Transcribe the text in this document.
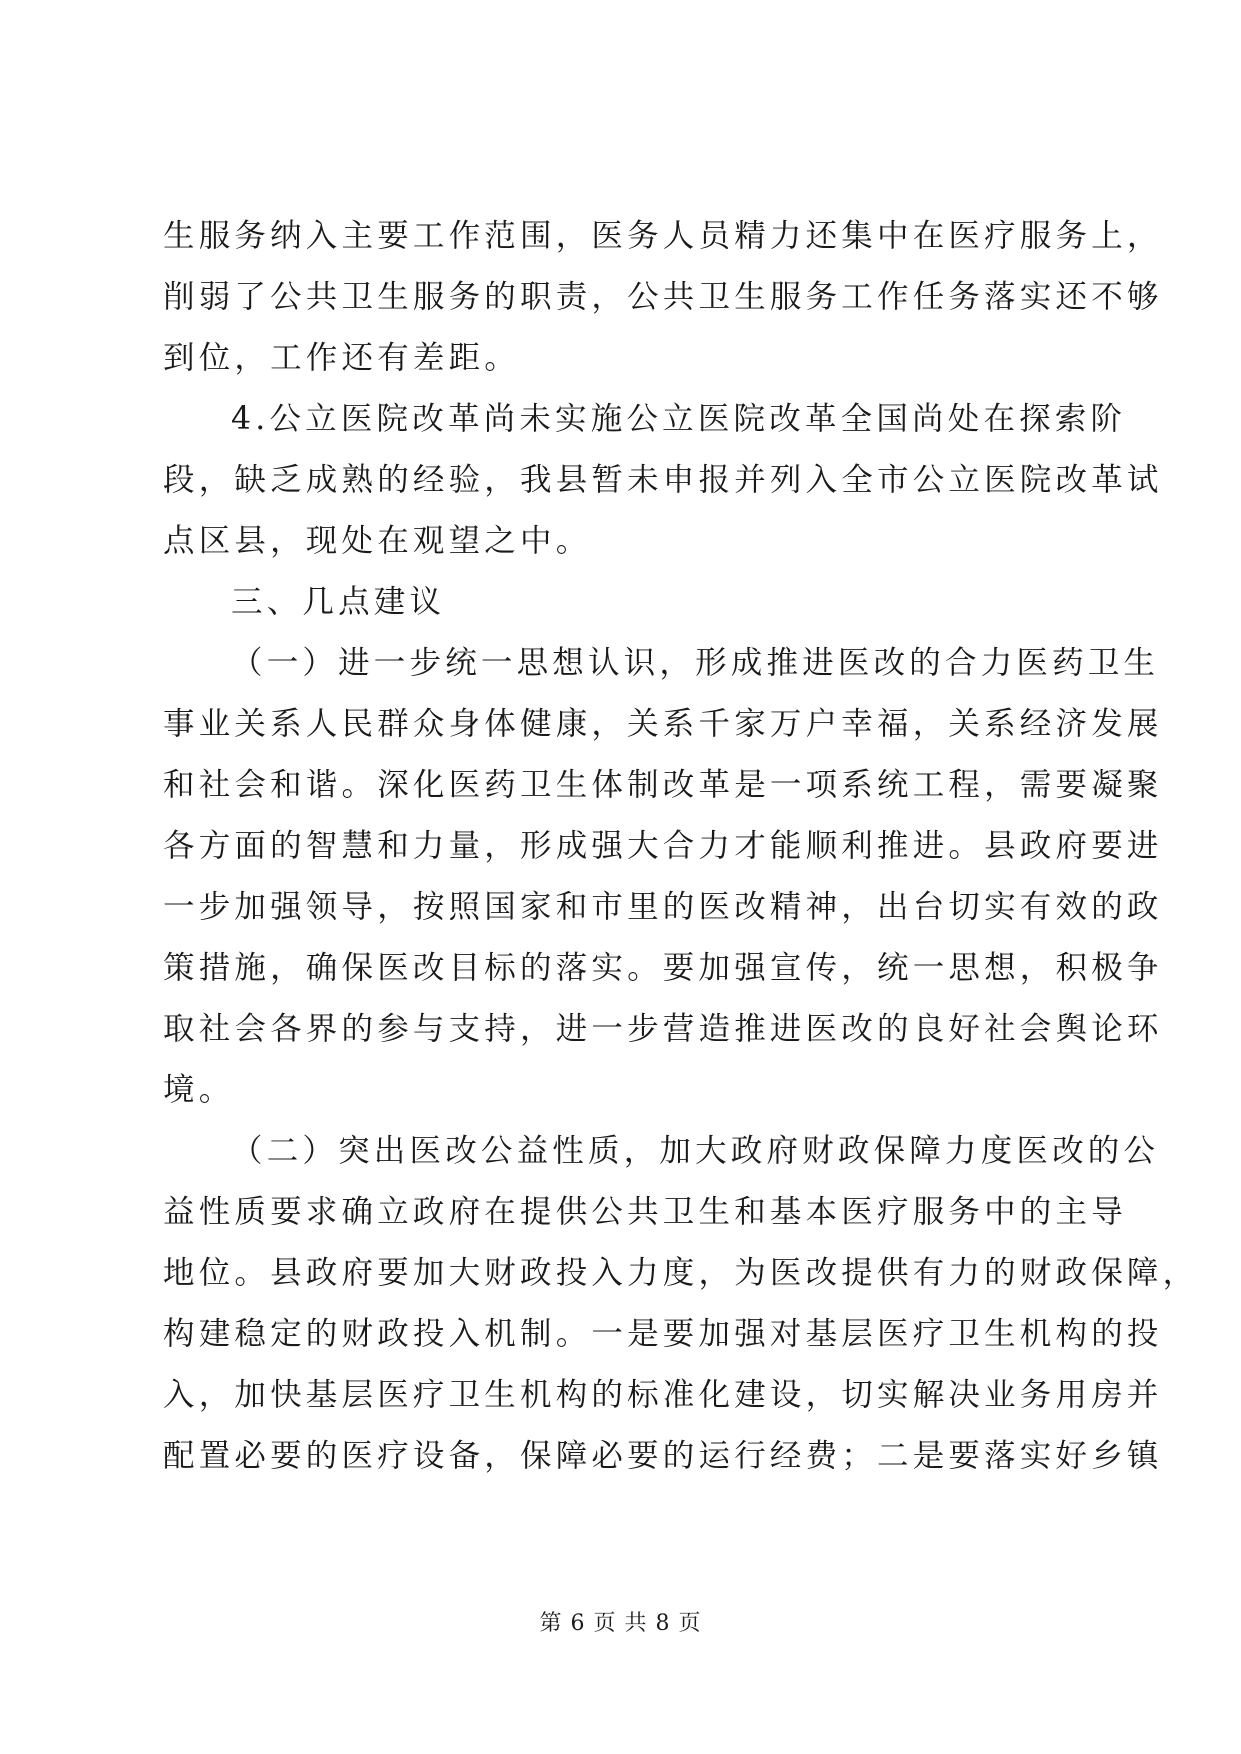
生服务纳入主要工作范围，医务人员精力还集中在医疗服务上，
削弱了公共卫生服务的职责，公共卫生服务工作任务落实还不够
到位，工作还有差距。
4.公立医院改革尚未实施公立医院改革全国尚处在探索阶
段，缺乏成熟的经验，我县暂未申报并列入全市公立医院改革试
点区县，现处在观望之中。
三、几点建议
（一）进一步统一思想认识，形成推进医改的合力医药卫生
事业关系人民群众身体健康，关系千家万户幸福，关系经济发展
和社会和谐。深化医药卫生体制改革是一项系统工程，需要凝聚
各方面的智慧和力量，形成强大合力才能顺利推进。县政府要进
一步加强领导，按照国家和市里的医改精神，出台切实有效的政
策措施，确保医改目标的落实。要加强宣传，统一思想，积极争
取社会各界的参与支持，进一步营造推进医改的良好社会舆论环
境。
（二）突出医改公益性质，加大政府财政保障力度医改的公
益性质要求确立政府在提供公共卫生和基本医疗服务中的主导
地位。县政府要加大财政投入力度，为医改提供有力的财政保障，
构建稳定的财政投入机制。一是要加强对基层医疗卫生机构的投
入，加快基层医疗卫生机构的标准化建设，切实解决业务用房并
配置必要的医疗设备，保障必要的运行经费；二是要落实好乡镇
第 6 页 共 8 页
